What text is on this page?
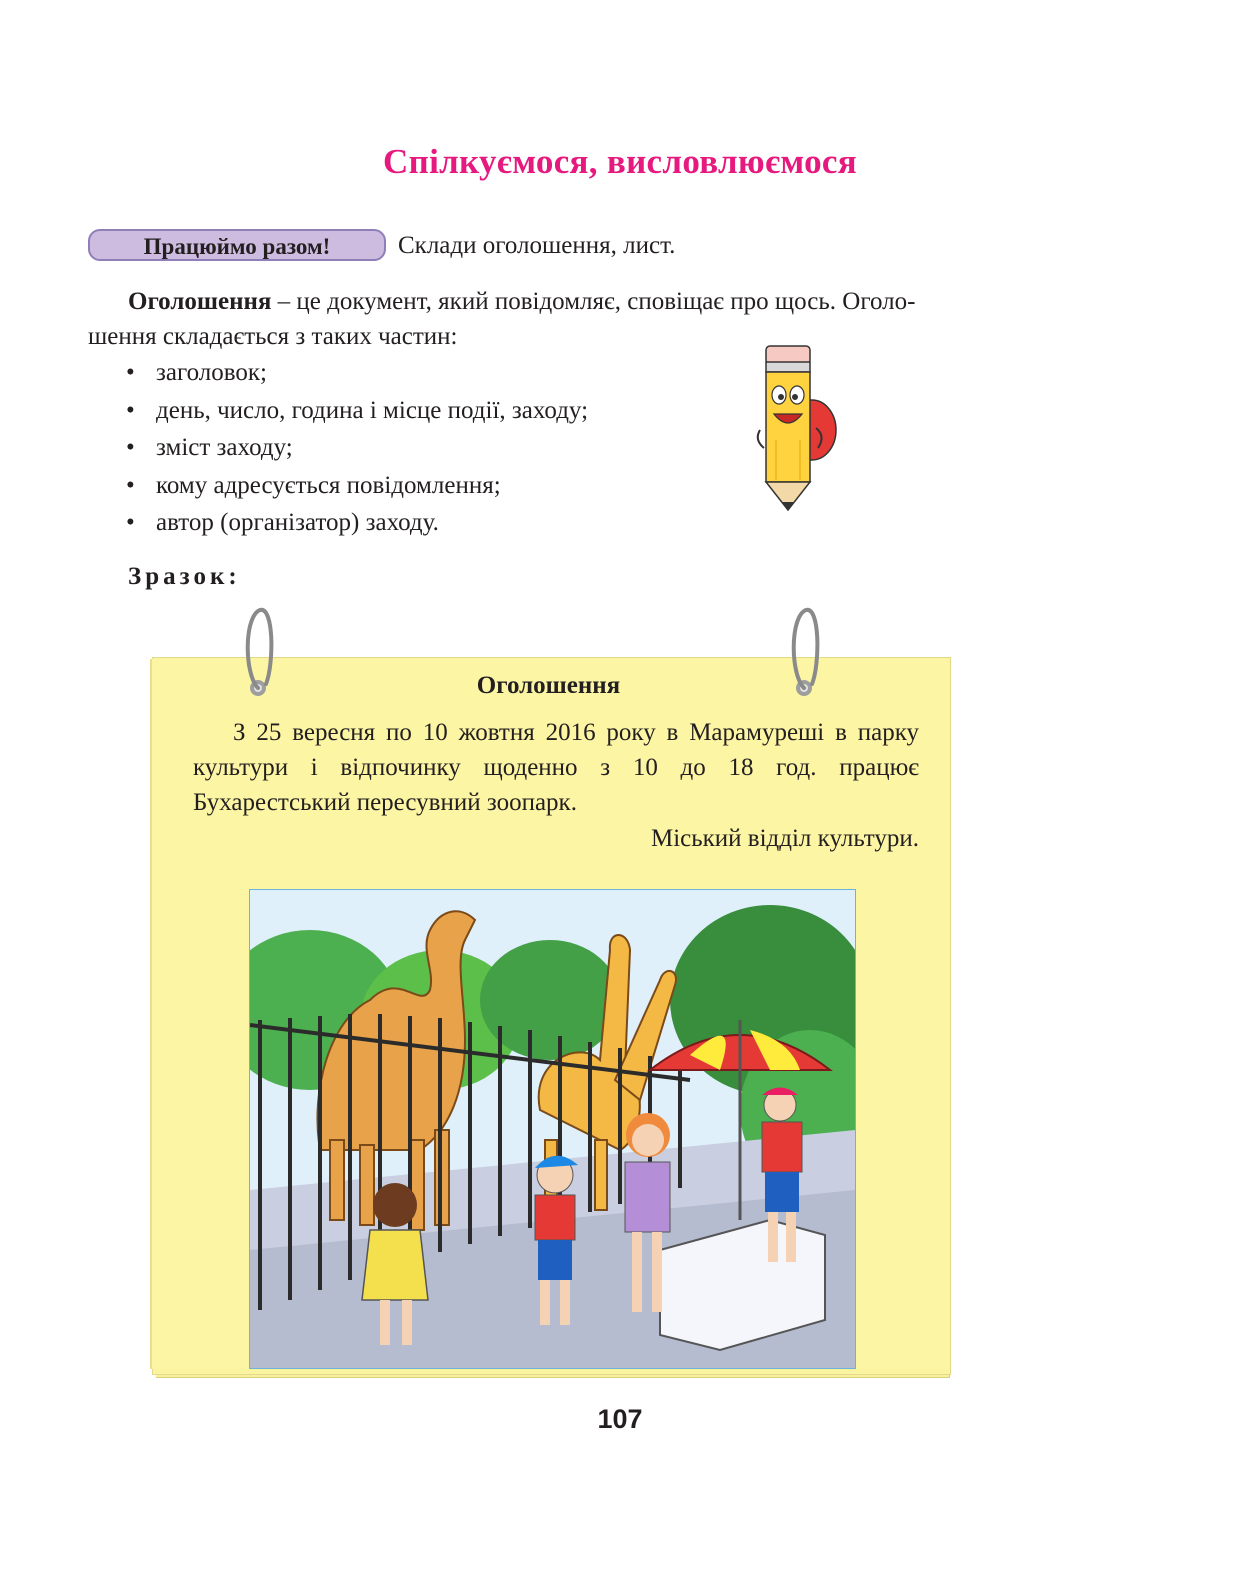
Спілкуємося, висловлюємося
Працюймо разом!	Склади оголошення, лист.
Оголошення – це документ, який повідомляє, сповіщає про щось. Оголо-
шення складається з таких частин:
• заголовок;
• день, число, година і місце події, заходу;
• зміст заходу;
• кому адресується повідомлення;
• автор (організатор) заходу.
Зразок:
Оголошення
З 25 вересня по 10 жовтня 2016 року в Марамуреші в парку культури і відпочинку щоденно з 10 до 18 год. працює Бухарестський пересувний зоопарк.
Міський відділ культури.
107
